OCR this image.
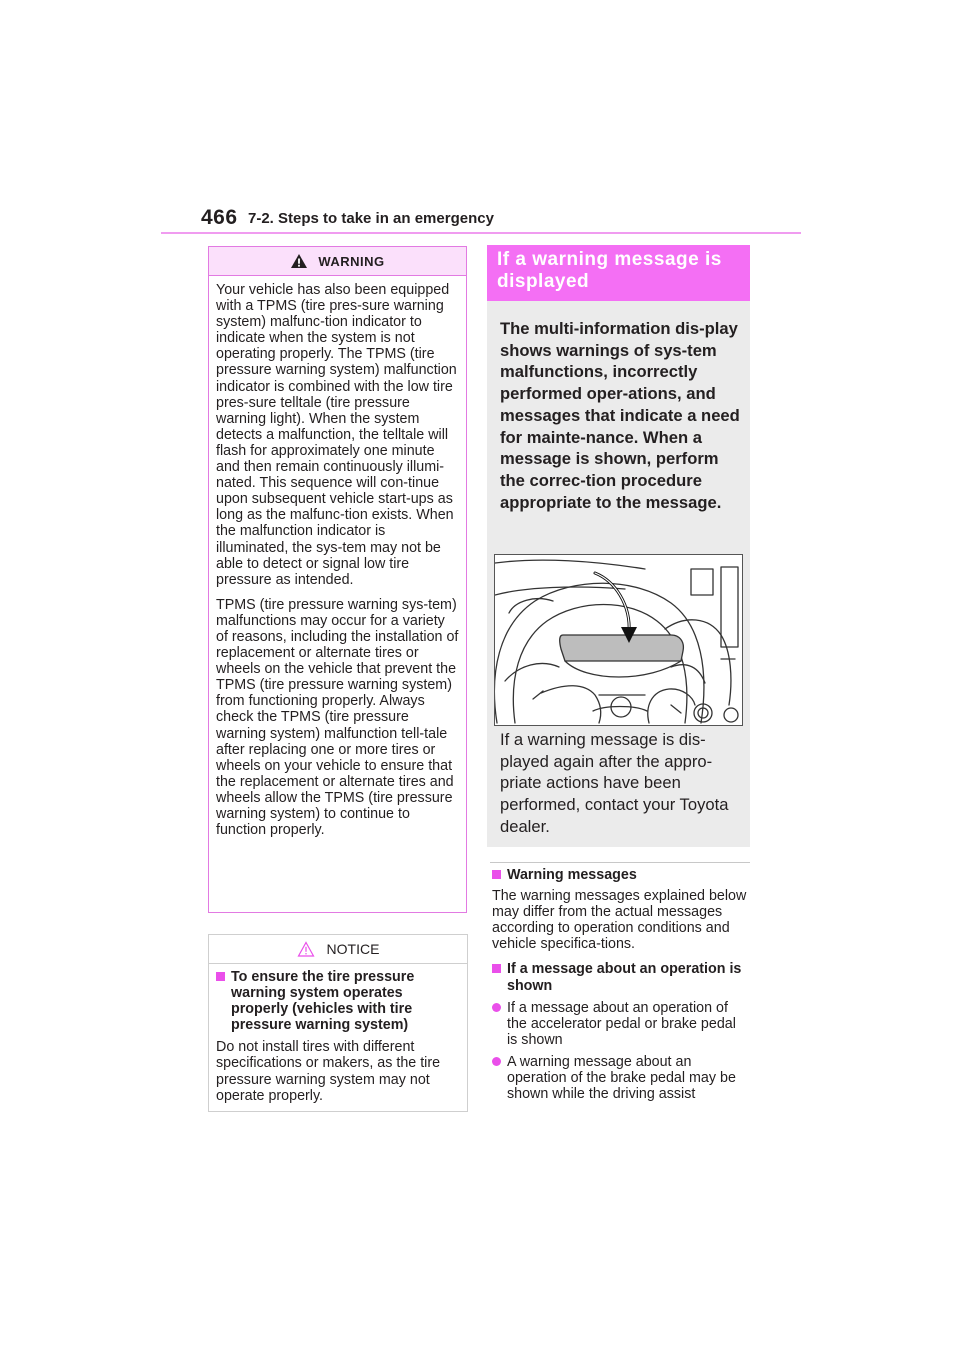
466 7-2. Steps to take in an emergency
WARNING

Your vehicle has also been equipped with a TPMS (tire pres-sure warning system) malfunc-tion indicator to indicate when the system is not operating properly. The TPMS (tire pressure warning system) malfunction indicator is combined with the low tire pres-sure telltale (tire pressure warning light). When the system detects a malfunction, the telltale will flash for approximately one minute and then remain continuously illumi-nated. This sequence will con-tinue upon subsequent vehicle start-ups as long as the malfunc-tion exists. When the malfunction indicator is illuminated, the sys-tem may not be able to detect or signal low tire pressure as intended.

TPMS (tire pressure warning sys-tem) malfunctions may occur for a variety of reasons, including the installation of replacement or alternate tires or wheels on the vehicle that prevent the TPMS (tire pressure warning system) from functioning properly. Always check the TPMS (tire pressure warning system) malfunction tell-tale after replacing one or more tires or wheels on your vehicle to ensure that the replacement or alternate tires and wheels allow the TPMS (tire pressure warning system) to continue to function properly.

NOTICE
To ensure the tire pressure warning system operates properly (vehicles with tire pressure warning system)

Do not install tires with different specifications or makers, as the tire pressure warning system may not operate properly.

If a warning message is displayed
The multi-information dis-play shows warnings of sys-tem malfunctions, incorrectly performed oper-ations, and messages that indicate a need for mainte-nance. When a message is shown, perform the correc-tion procedure appropriate to the message.
If a warning message is dis-played again after the appro-priate actions have been performed, contact your Toyota dealer.
Warning messages

The warning messages explained below may differ from the actual messages according to operation conditions and vehicle specifica-tions.

If a message about an operation is shown
If a message about an operation of the accelerator pedal or brake pedal is shown
A warning message about an operation of the brake pedal may be shown while the driving assist
